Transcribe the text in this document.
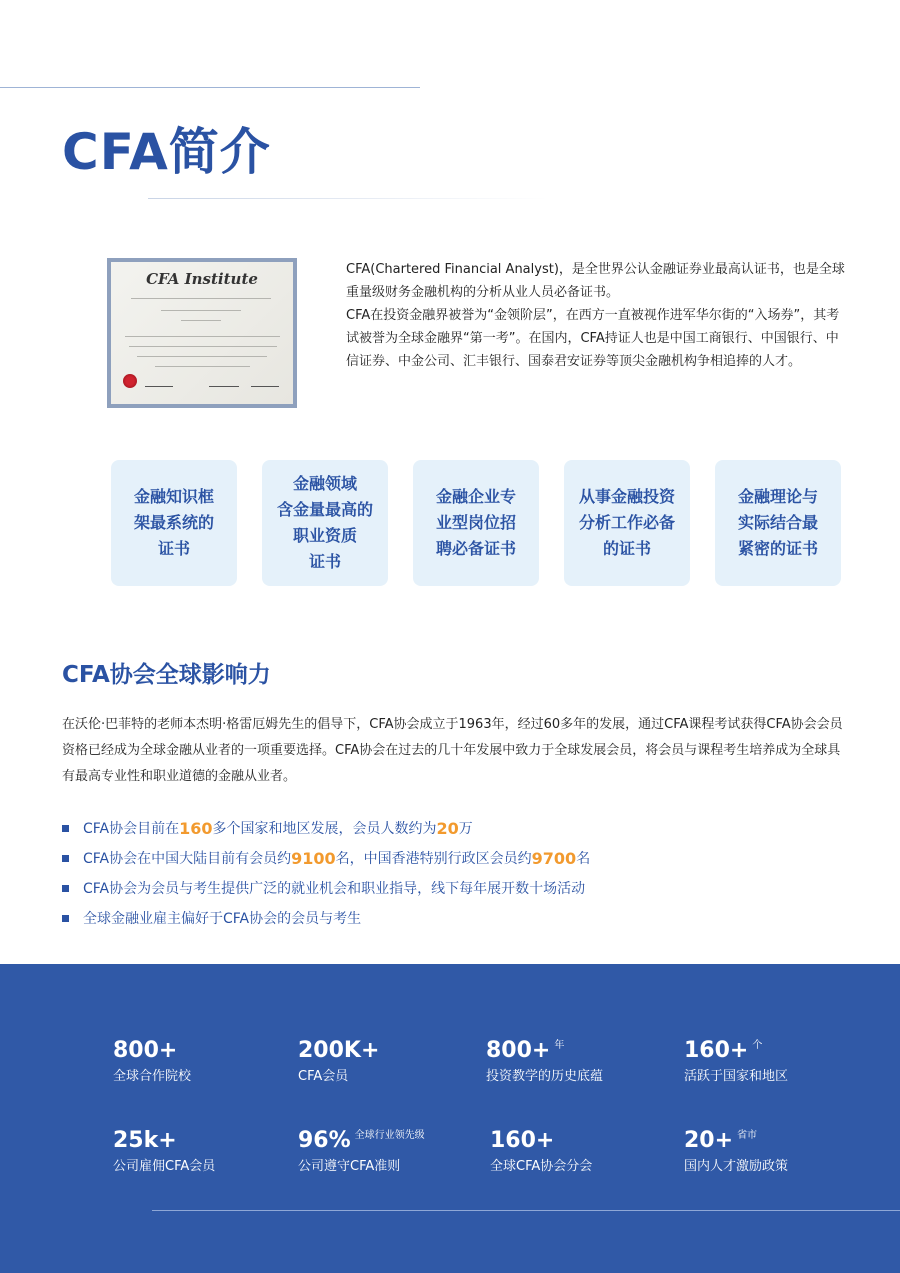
CFA简介
CFA Institute

CFA(Chartered Financial Analyst)，是全世界公认金融证券业最高认证书，也是全球重量级财务金融机构的分析从业人员必备证书。

CFA在投资金融界被誉为“金领阶层”，在西方一直被视作进军华尔街的“入场券”，其考试被誉为全球金融界“第一考”。在国内，CFA持证人也是中国工商银行、中国银行、中信证券、中金公司、汇丰银行、国泰君安证券等顶尖金融机构争相追捧的人才。

金融知识框
架最系统的
证书
金融领域
含金量最高的
职业资质
证书
金融企业专
业型岗位招
聘必备证书
从事金融投资
分析工作必备
的证书
金融理论与
实际结合最
紧密的证书
CFA协会全球影响力

在沃伦·巴菲特的老师本杰明·格雷厄姆先生的倡导下，CFA协会成立于1963年，经过60多年的发展，通过CFA课程考试获得CFA协会会员资格已经成为全球金融从业者的一项重要选择。CFA协会在过去的几十年发展中致力于全球发展会员，将会员与课程考生培养成为全球具有最高专业性和职业道德的金融从业者。

CFA协会目前在 160 多个国家和地区发展，会员人数约为 20 万
CFA协会在中国大陆目前有会员约 9100 名，中国香港特别行政区会员约 9700 名
CFA协会为会员与考生提供广泛的就业机会和职业指导，线下每年展开数十场活动
全球金融业雇主偏好于CFA协会的会员与考生
800+
全球合作院校
200K+
CFA会员
800+ 年
投资教学的历史底蕴
160+ 个
活跃于国家和地区
25k+
公司雇佣CFA会员
96% 全球行业领先级
公司遵守CFA准则
160+
全球CFA协会分会
20+ 省市
国内人才激励政策
